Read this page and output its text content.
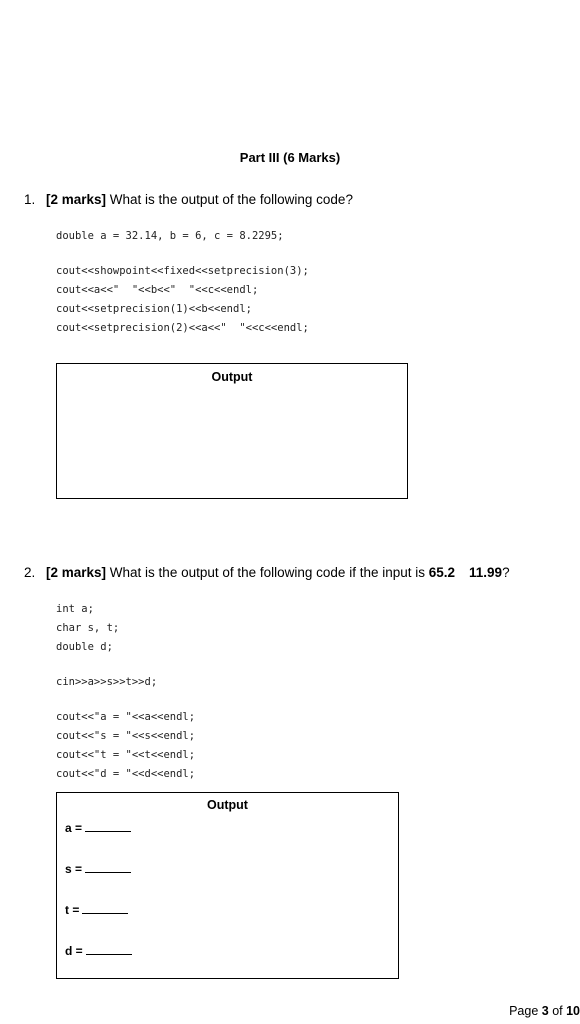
Part III (6 Marks)
1. [2 marks] What is the output of the following code?
double a = 32.14, b = 6, c = 8.2295;
cout<<showpoint<<fixed<<setprecision(3);
cout<<a<<"  "<<b<<"  "<<c<<endl;
cout<<setprecision(1)<<b<<endl;
cout<<setprecision(2)<<a<<"  "<<c<<endl;
Output
2. [2 marks] What is the output of the following code if the input is 65.2 11.99?
int a;
char s, t;
double d;
cin>>a>>s>>t>>d;
cout<<"a = "<<a<<endl;
cout<<"s = "<<s<<endl;
cout<<"t = "<<t<<endl;
cout<<"d = "<<d<<endl;
Output
a =
s =
t =
d =
Page 3 of 10
